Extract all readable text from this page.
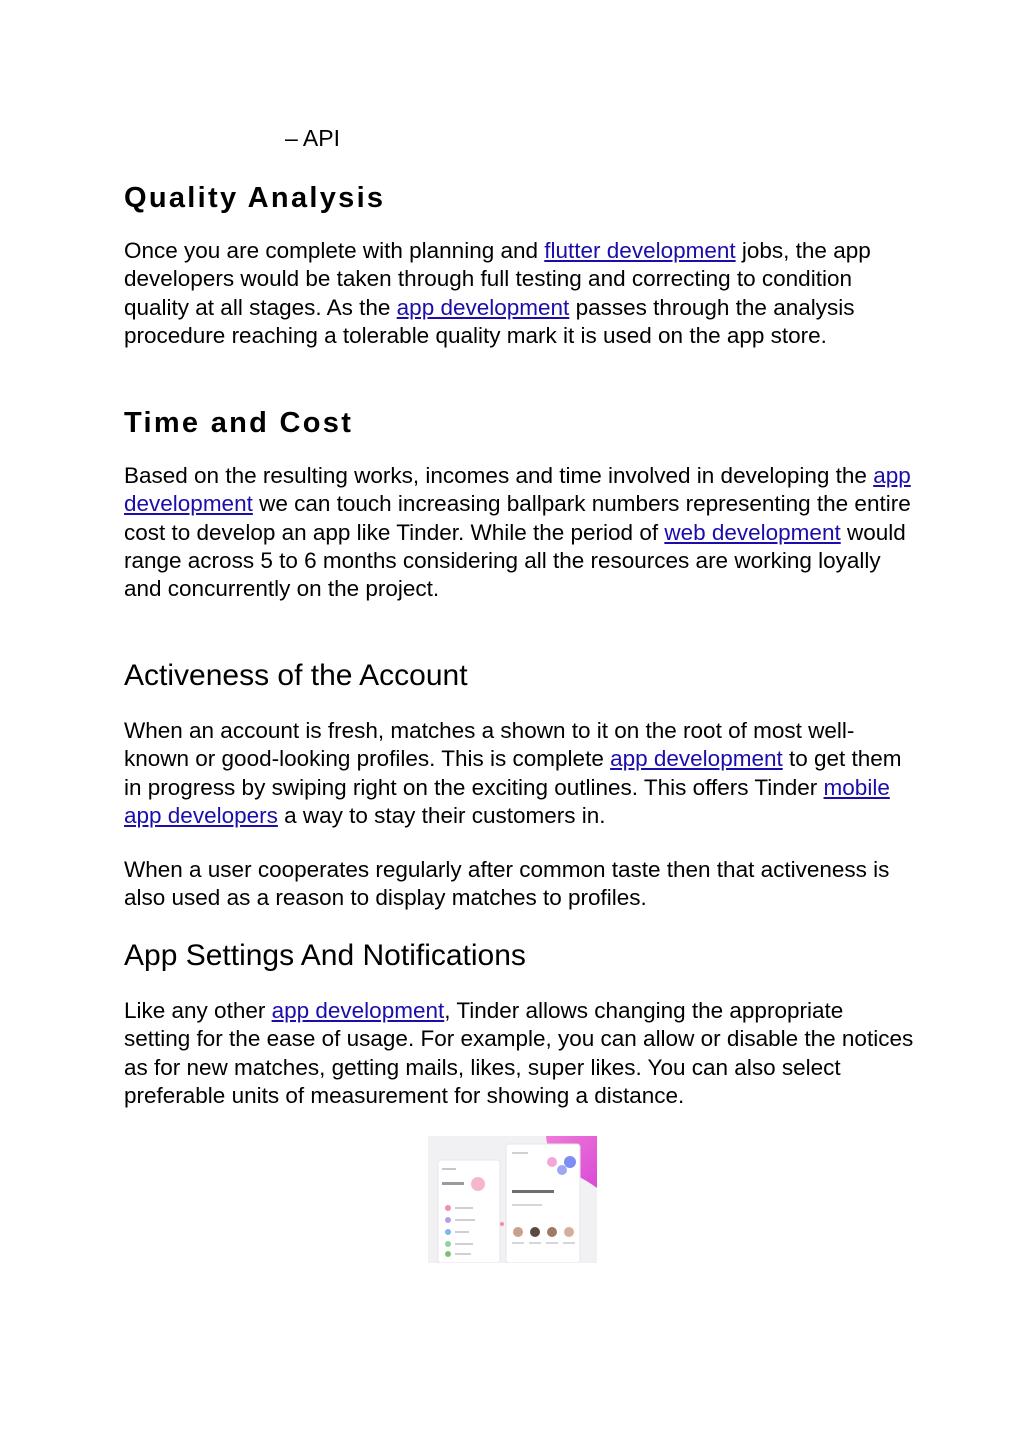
– API
Quality Analysis

Once you are complete with planning and flutter development jobs, the app developers would be taken through full testing and correcting to condition quality at all stages. As the app development passes through the analysis procedure reaching a tolerable quality mark it is used on the app store.

Time and Cost

Based on the resulting works, incomes and time involved in developing the app development we can touch increasing ballpark numbers representing the entire cost to develop an app like Tinder. While the period of web development would range across 5 to 6 months considering all the resources are working loyally and concurrently on the project.

Activeness of the Account

When an account is fresh, matches a shown to it on the root of most well-known or good-looking profiles. This is complete app development to get them in progress by swiping right on the exciting outlines. This offers Tinder mobile app developers a way to stay their customers in.

When a user cooperates regularly after common taste then that activeness is also used as a reason to display matches to profiles.

App Settings And Notifications

Like any other app development, Tinder allows changing the appropriate setting for the ease of usage. For example, you can allow or disable the notices as for new matches, getting mails, likes, super likes. You can also select preferable units of measurement for showing a distance.
